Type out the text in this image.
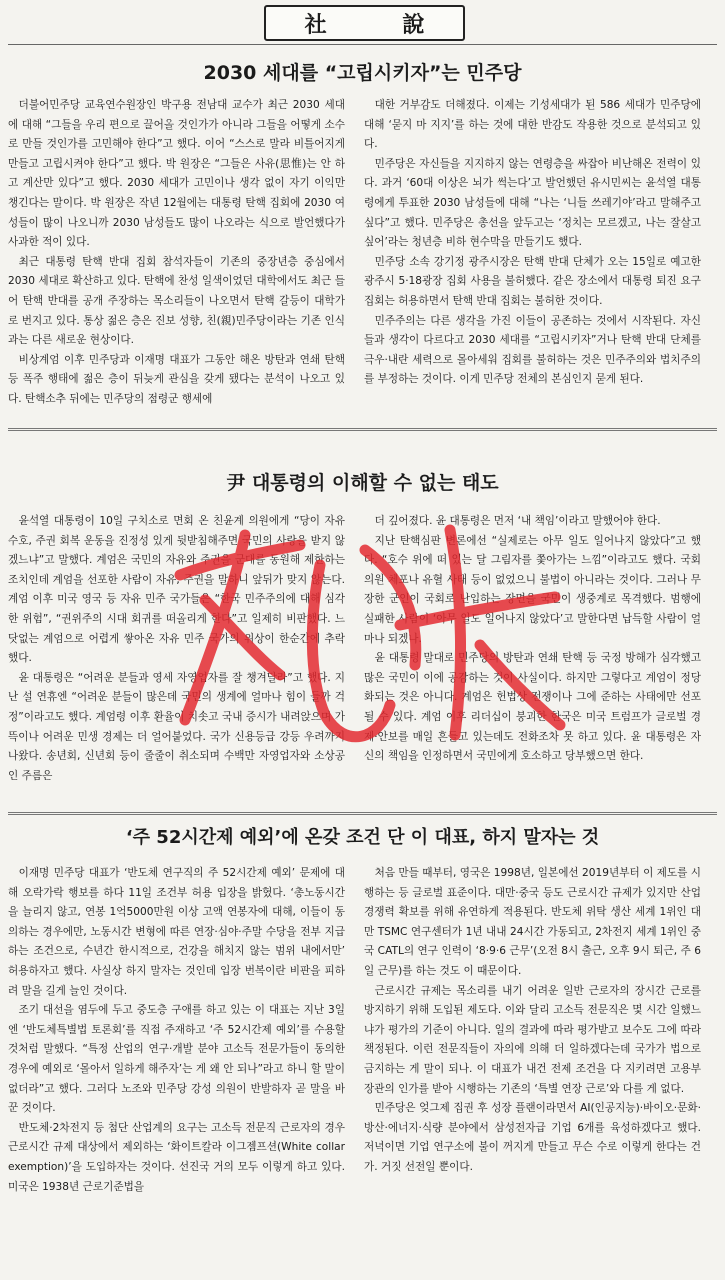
社 說
2030 세대를 “고립시키자”는 민주당

더불어민주당 교육연수원장인 박구용 전남대 교수가 최근 2030 세대에 대해 “그들을 우리 편으로 끌어올 것인가가 아니라 그들을 어떻게 소수로 만들 것인가를 고민해야 한다”고 했다. 이어 “스스로 말라 비틀어지게 만들고 고립시켜야 한다”고 했다. 박 원장은 “그들은 사유(思惟)는 안 하고 계산만 있다”고 했다. 2030 세대가 고민이나 생각 없이 자기 이익만 챙긴다는 말이다. 박 원장은 작년 12월에는 대통령 탄핵 집회에 2030 여성들이 많이 나오니까 2030 남성들도 많이 나오라는 식으로 발언했다가 사과한 적이 있다.

최근 대통령 탄핵 반대 집회 참석자들이 기존의 중장년층 중심에서 2030 세대로 확산하고 있다. 탄핵에 찬성 일색이었던 대학에서도 최근 들어 탄핵 반대를 공개 주장하는 목소리들이 나오면서 탄핵 갈등이 대학가로 번지고 있다. 통상 젊은 층은 진보 성향, 친(親)민주당이라는 기존 인식과는 다른 새로운 현상이다.

비상계엄 이후 민주당과 이재명 대표가 그동안 해온 방탄과 연쇄 탄핵 등 폭주 행태에 젊은 층이 뒤늦게 관심을 갖게 됐다는 분석이 나오고 있다. 탄핵소추 뒤에는 민주당의 점령군 행세에

대한 거부감도 더해졌다. 이제는 기성세대가 된 586 세대가 민주당에 대해 ‘묻지 마 지지’를 하는 것에 대한 반감도 작용한 것으로 분석되고 있다.

민주당은 자신들을 지지하지 않는 연령층을 싸잡아 비난해온 전력이 있다. 과거 ‘60대 이상은 뇌가 썩는다’고 발언했던 유시민씨는 윤석열 대통령에게 투표한 2030 남성들에 대해 “나는 ‘니들 쓰레기야’라고 말해주고 싶다”고 했다. 민주당은 총선을 앞두고는 ‘정치는 모르겠고, 나는 잘살고 싶어’라는 청년층 비하 현수막을 만들기도 했다.

민주당 소속 강기정 광주시장은 탄핵 반대 단체가 오는 15일로 예고한 광주시 5·18광장 집회 사용을 불허했다. 같은 장소에서 대통령 퇴진 요구 집회는 허용하면서 탄핵 반대 집회는 불허한 것이다.

민주주의는 다른 생각을 가진 이들이 공존하는 것에서 시작된다. 자신들과 생각이 다르다고 2030 세대를 “고립시키자”거나 탄핵 반대 단체를 극우·내란 세력으로 몰아세워 집회를 불허하는 것은 민주주의와 법치주의를 부정하는 것이다. 이게 민주당 전체의 본심인지 묻게 된다.

尹 대통령의 이해할 수 없는 태도

윤석열 대통령이 10일 구치소로 면회 온 친윤계 의원에게 “당이 자유 수호, 주권 회복 운동을 진정성 있게 뒷받침해주면 국민의 사랑을 받지 않겠느냐”고 말했다. 계엄은 국민의 자유와 주권을 군대를 동원해 제한하는 조치인데 계엄을 선포한 사람이 자유, 주권을 말하니 앞뒤가 맞지 않는다. 계엄 이후 미국 영국 등 자유 민주 국가들은 “한국 민주주의에 대해 심각한 위험”, “권위주의 시대 회귀를 떠올리게 한다”고 일제히 비판했다. 느닷없는 계엄으로 어렵게 쌓아온 자유 민주 국가의 위상이 한순간에 추락했다.

윤 대통령은 “어려운 분들과 영세 자영업자를 잘 챙겨달라”고 했다. 지난 설 연휴엔 “어려운 분들이 많은데 국민의 생계에 얼마나 힘이 들까 걱정”이라고도 했다. 계엄령 이후 환율이 치솟고 국내 증시가 내려앉으며 가뜩이나 어려운 민생 경제는 더 얼어붙었다. 국가 신용등급 강등 우려까지 나왔다. 송년회, 신년회 등이 줄줄이 취소되며 수백만 자영업자와 소상공인 주름은

더 깊어졌다. 윤 대통령은 먼저 ‘내 책임’이라고 말했어야 한다.

지난 탄핵심판 변론에선 “실제로는 아무 일도 일어나지 않았다”고 했다. “호수 위에 떠 있는 달 그림자를 쫓아가는 느낌”이라고도 했다. 국회의원 체포나 유혈 사태 등이 없었으니 불법이 아니라는 것이다. 그러나 무장한 군인이 국회로 난입하는 장면을 국민이 생중계로 목격했다. 범행에 실패한 사람이 ‘아무 일도 일어나지 않았다’고 말한다면 납득할 사람이 얼마나 되겠나.

윤 대통령 말대로 민주당의 방탄과 연쇄 탄핵 등 국정 방해가 심각했고 많은 국민이 이에 공감하는 것이 사실이다. 하지만 그렇다고 계엄이 정당화되는 것은 아니다. 계엄은 헌법상 전쟁이나 그에 준하는 사태에만 선포될 수 있다. 계엄 이후 리더십이 붕괴한 한국은 미국 트럼프가 글로벌 경제·안보를 매일 흔들고 있는데도 전화조차 못 하고 있다. 윤 대통령은 자신의 책임을 인정하면서 국민에게 호소하고 당부했으면 한다.

‘주 52시간제 예외’에 온갖 조건 단 이 대표, 하지 말자는 것

이재명 민주당 대표가 ‘반도체 연구직의 주 52시간제 예외’ 문제에 대해 오락가락 행보를 하다 11일 조건부 허용 입장을 밝혔다. ‘총노동시간을 늘리지 않고, 연봉 1억5000만원 이상 고액 연봉자에 대해, 이들이 동의하는 경우에만, 노동시간 변형에 따른 연장·심야·주말 수당을 전부 지급하는 조건으로, 수년간 한시적으로, 건강을 해치지 않는 범위 내에서만’ 허용하자고 했다. 사실상 하지 말자는 것인데 입장 번복이란 비판을 피하려 말을 길게 늘인 것이다.

조기 대선을 염두에 두고 중도층 구애를 하고 있는 이 대표는 지난 3일엔 ‘반도체특별법 토론회’를 직접 주재하고 ‘주 52시간제 예외’를 수용할 것처럼 말했다. “특정 산업의 연구·개발 분야 고소득 전문가들이 동의한 경우에 예외로 ‘몰아서 일하게 해주자’는 게 왜 안 되나”라고 하니 할 말이 없더라”고 했다. 그러다 노조와 민주당 강성 의원이 반발하자 곧 말을 바꾼 것이다.

반도체·2차전지 등 첨단 산업계의 요구는 고소득 전문직 근로자의 경우 근로시간 규제 대상에서 제외하는 ‘화이트칼라 이그젬프션(White collar exemption)’을 도입하자는 것이다. 선진국 거의 모두 이렇게 하고 있다. 미국은 1938년 근로기준법을

처음 만들 때부터, 영국은 1998년, 일본에선 2019년부터 이 제도를 시행하는 등 글로벌 표준이다. 대만·중국 등도 근로시간 규제가 있지만 산업 경쟁력 확보를 위해 유연하게 적용된다. 반도체 위탁 생산 세계 1위인 대만 TSMC 연구센터가 1년 내내 24시간 가동되고, 2차전지 세계 1위인 중국 CATL의 연구 인력이 ‘8·9·6 근무’(오전 8시 출근, 오후 9시 퇴근, 주 6일 근무)를 하는 것도 이 때문이다.

근로시간 규제는 목소리를 내기 어려운 일반 근로자의 장시간 근로를 방지하기 위해 도입된 제도다. 이와 달리 고소득 전문직은 몇 시간 일했느냐가 평가의 기준이 아니다. 일의 결과에 따라 평가받고 보수도 그에 따라 책정된다. 이런 전문직들이 자의에 의해 더 일하겠다는데 국가가 법으로 금지하는 게 말이 되나. 이 대표가 내건 전제 조건을 다 지키려면 고용부 장관의 인가를 받아 시행하는 기존의 ‘특별 연장 근로’와 다를 게 없다.

민주당은 엊그제 집권 후 성장 플랜이라면서 AI(인공지능)·바이오·문화·방산·에너지·식량 분야에서 삼성전자급 기업 6개를 육성하겠다고 했다. 저녁이면 기업 연구소에 불이 꺼지게 만들고 무슨 수로 이렇게 한다는 건가. 거짓 선전일 뿐이다.
